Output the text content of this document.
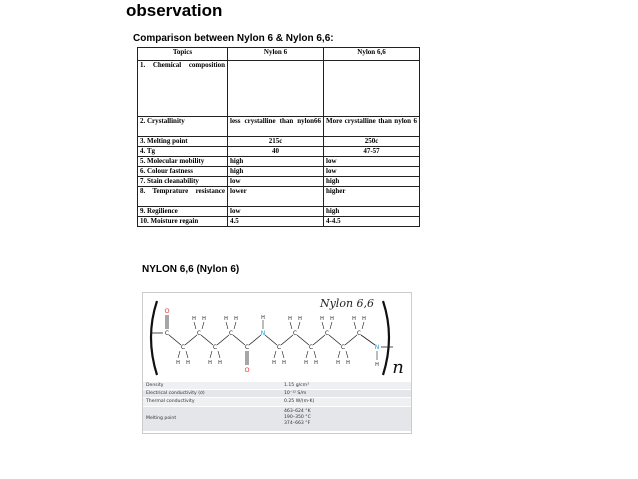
observation
Comparison between Nylon 6 & Nylon 6,6:
Topics	Nylon 6	Nylon 6,6
1. Chemical composition		
2. Crystallinity	less crystalline than nylon66	More crystalline than nylon 6
3. Melting point	215c	250c
4. Tg	40	47-57
5. Molecular mobility	high	low
6. Colour fastness	high	low
7. Stain cleanability	low	high
8. Temprature resistance	lower	higher
9. Regilience	low	high
10. Moisture regain	4.5	4-4.5
NYLON 6,6 (Nylon 6)
C
C
C
C
C
C
N
C
C
C
C
C
C
N
O
O
H H
H H
H H
H H
H H
H H
H H
H H
H H
H H
H
H
Nylon 6,6
n
Density	1.15 g/cm³
Electrical conductivity (σ)	10⁻¹² S/m
Thermal conductivity	0.25 W/(m·K)
Melting point
463–624 °K
190–350 °C
374–663 °F
